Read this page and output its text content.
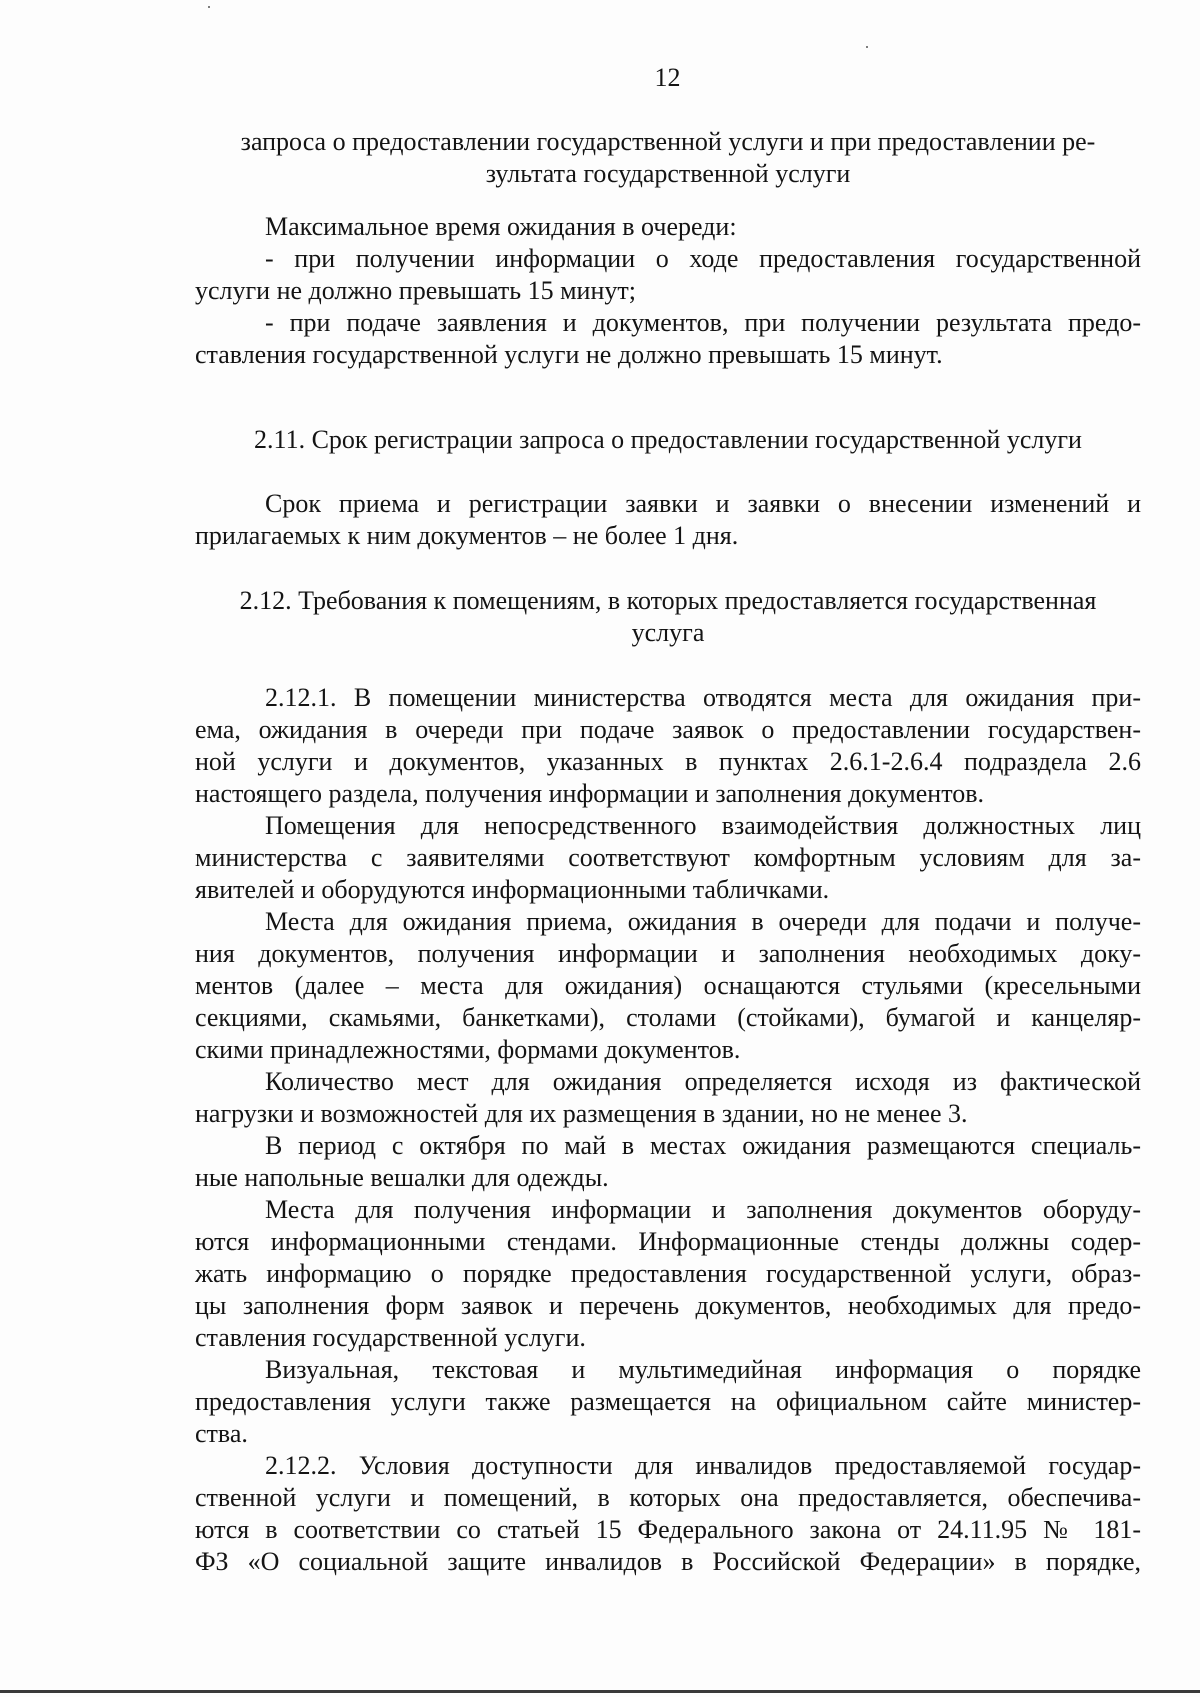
12
запроса о предоставлении государственной услуги и при предоставлении ре-
зультата государственной услуги
Максимальное время ожидания в очереди:
- при получении информации о ходе предоставления государственной
услуги не должно превышать 15 минут;
- при подаче заявления и документов, при получении результата предо-
ставления государственной услуги не должно превышать 15 минут.
2.11. Срок регистрации запроса о предоставлении государственной услуги
Срок приема и регистрации заявки и заявки о внесении изменений и
прилагаемых к ним документов – не более 1 дня.
2.12. Требования к помещениям, в которых предоставляется государственная
услуга
2.12.1. В помещении министерства отводятся места для ожидания при-
ема, ожидания в очереди при подаче заявок о предоставлении государствен-
ной услуги и документов, указанных в пунктах 2.6.1-2.6.4 подраздела 2.6
настоящего раздела, получения информации и заполнения документов.
Помещения для непосредственного взаимодействия должностных лиц
министерства с заявителями соответствуют комфортным условиям для за-
явителей и оборудуются информационными табличками.
Места для ожидания приема, ожидания в очереди для подачи и получе-
ния документов, получения информации и заполнения необходимых доку-
ментов (далее – места для ожидания) оснащаются стульями (кресельными
секциями, скамьями, банкетками), столами (стойками), бумагой и канцеляр-
скими принадлежностями, формами документов.
Количество мест для ожидания определяется исходя из фактической
нагрузки и возможностей для их размещения в здании, но не менее 3.
В период с октября по май в местах ожидания размещаются специаль-
ные напольные вешалки для одежды.
Места для получения информации и заполнения документов оборуду-
ются информационными стендами. Информационные стенды должны содер-
жать информацию о порядке предоставления государственной услуги, образ-
цы заполнения форм заявок и перечень документов, необходимых для предо-
ставления государственной услуги.
Визуальная, текстовая и мультимедийная информация о порядке
предоставления услуги также размещается на официальном сайте министер-
ства.
2.12.2. Условия доступности для инвалидов предоставляемой государ-
ственной услуги и помещений, в которых она предоставляется, обеспечива-
ются в соответствии со статьей 15 Федерального закона от 24.11.95 № 181-
ФЗ «О социальной защите инвалидов в Российской Федерации» в порядке,
